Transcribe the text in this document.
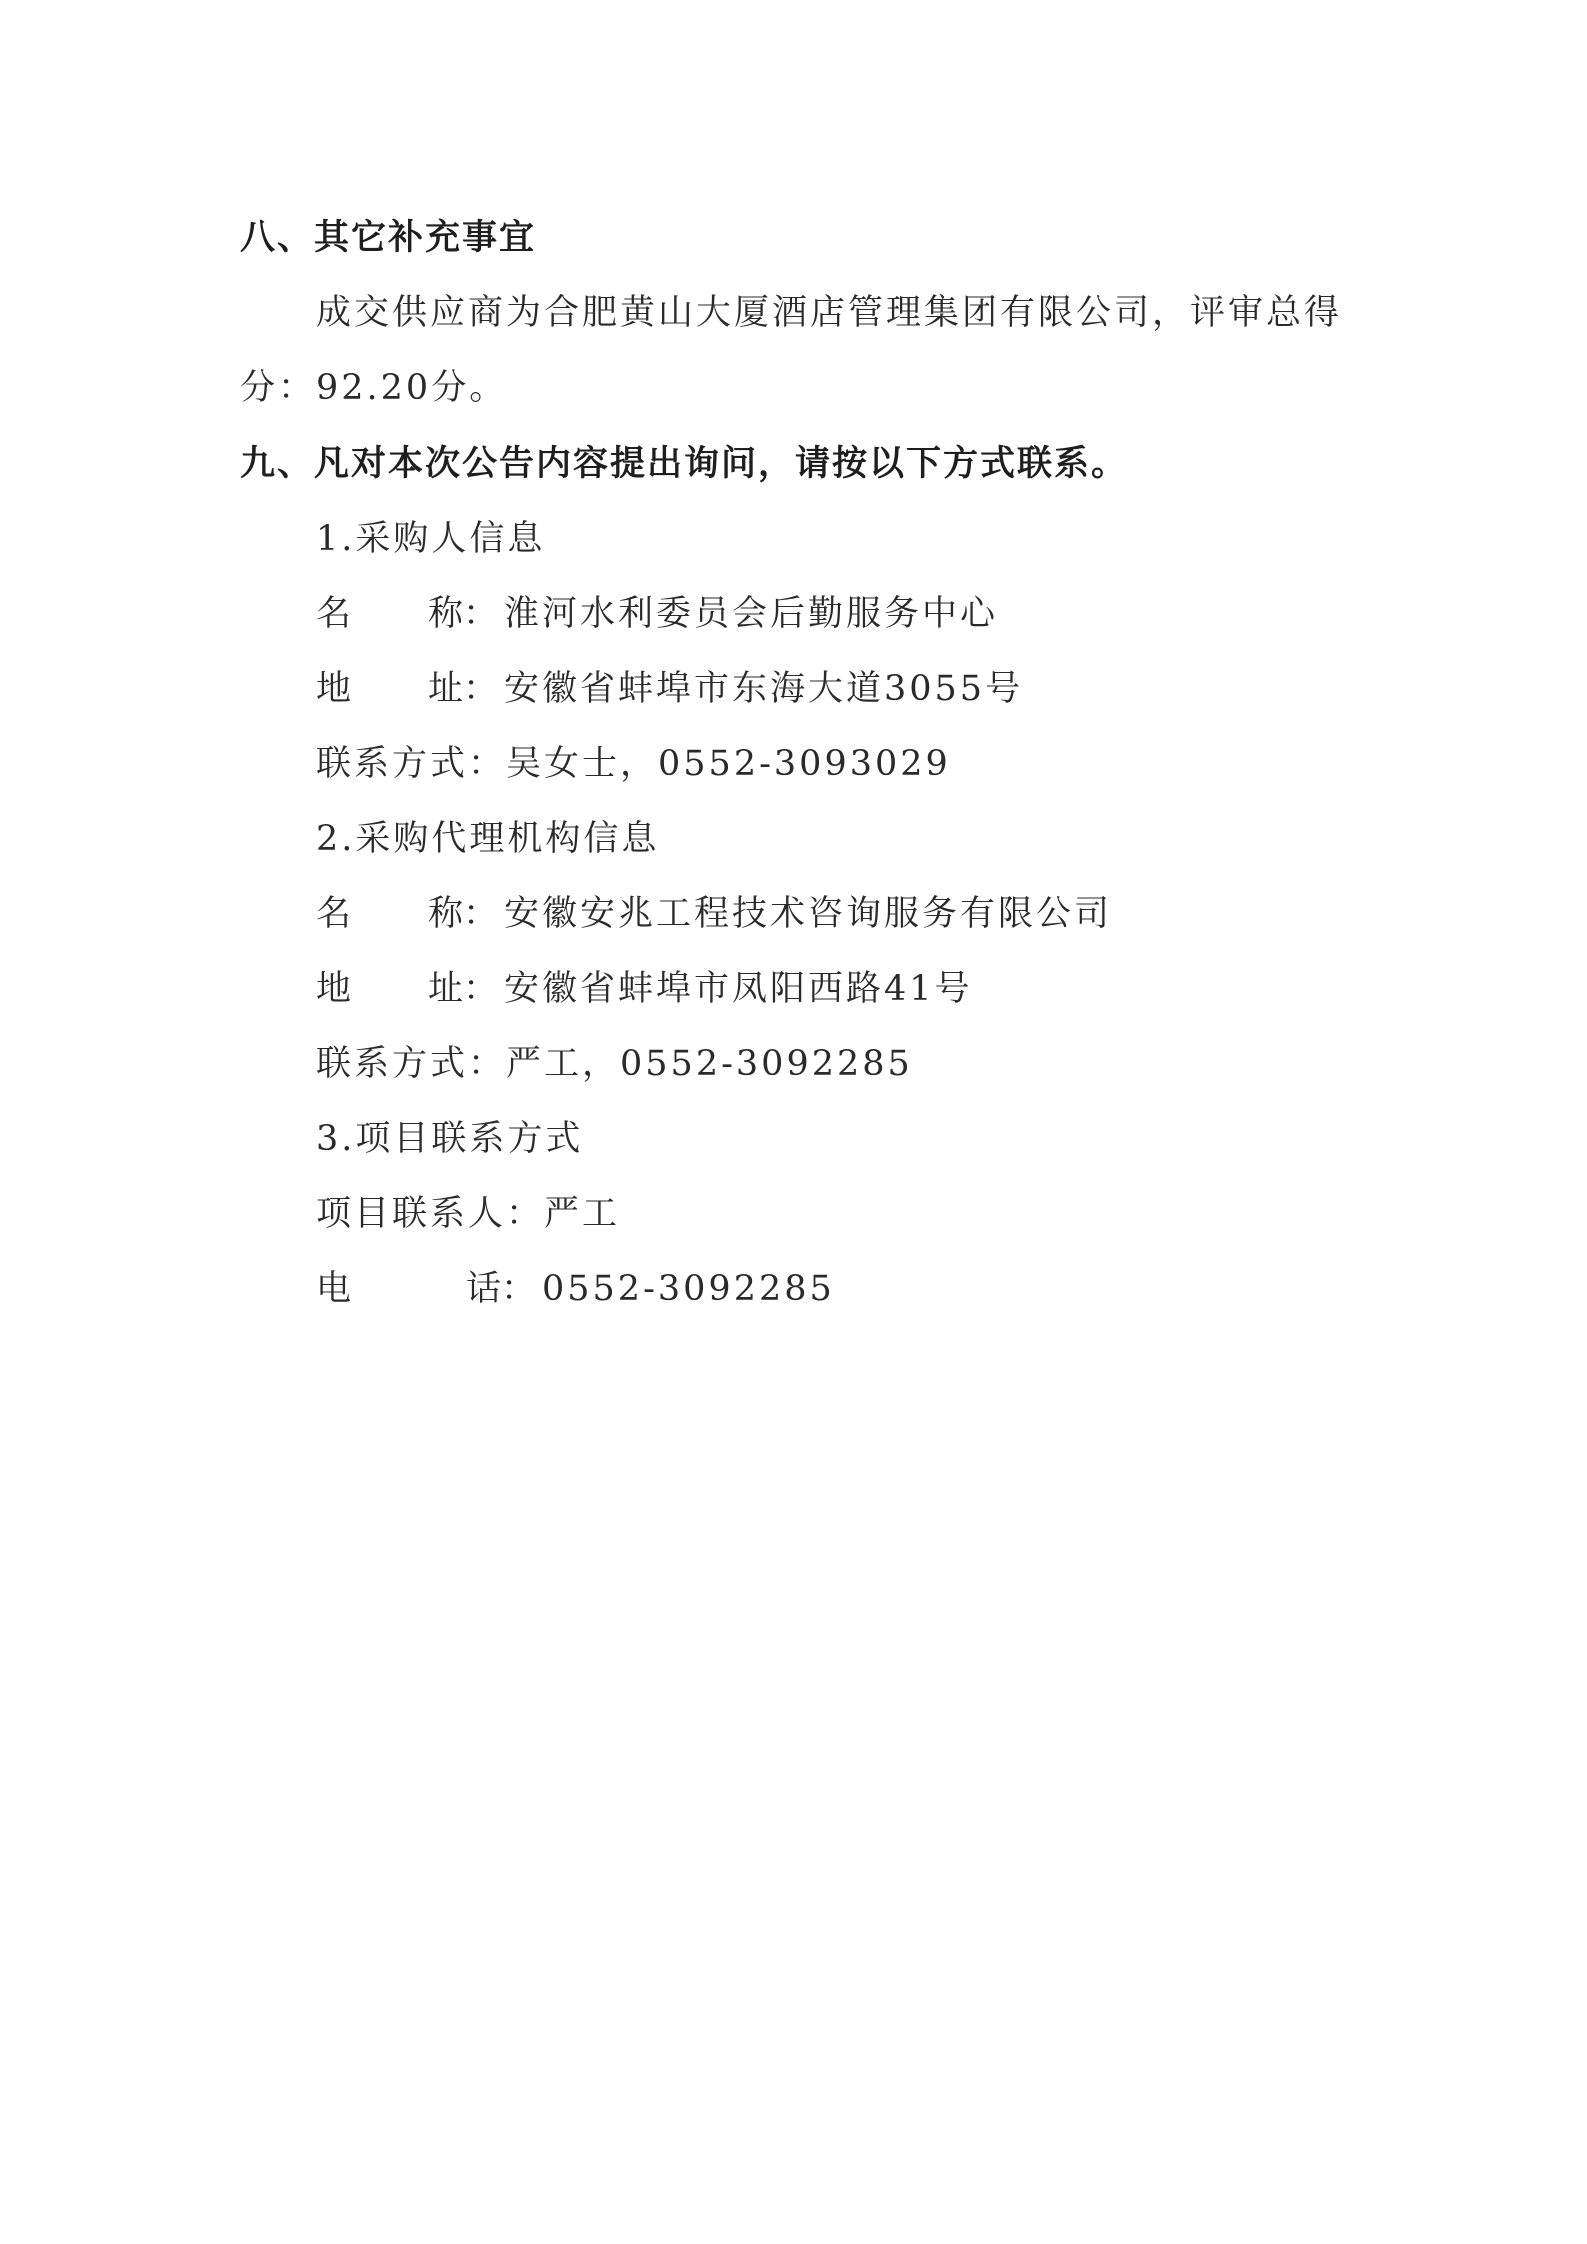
八、其它补充事宜
成交供应商为合肥黄山大厦酒店管理集团有限公司，评审总得
分：92.20分。
九、凡对本次公告内容提出询问，请按以下方式联系。
1.采购人信息
名 称： 淮河水利委员会后勤服务中心
地 址： 安徽省蚌埠市东海大道3055号
联系方式：吴女士，0552-3093029
2.采购代理机构信息
名 称： 安徽安兆工程技术咨询服务有限公司
地 址： 安徽省蚌埠市凤阳西路41号
联系方式：严工，0552-3092285
3.项目联系方式
项目联系人：严工
电	话： 0552-3092285
